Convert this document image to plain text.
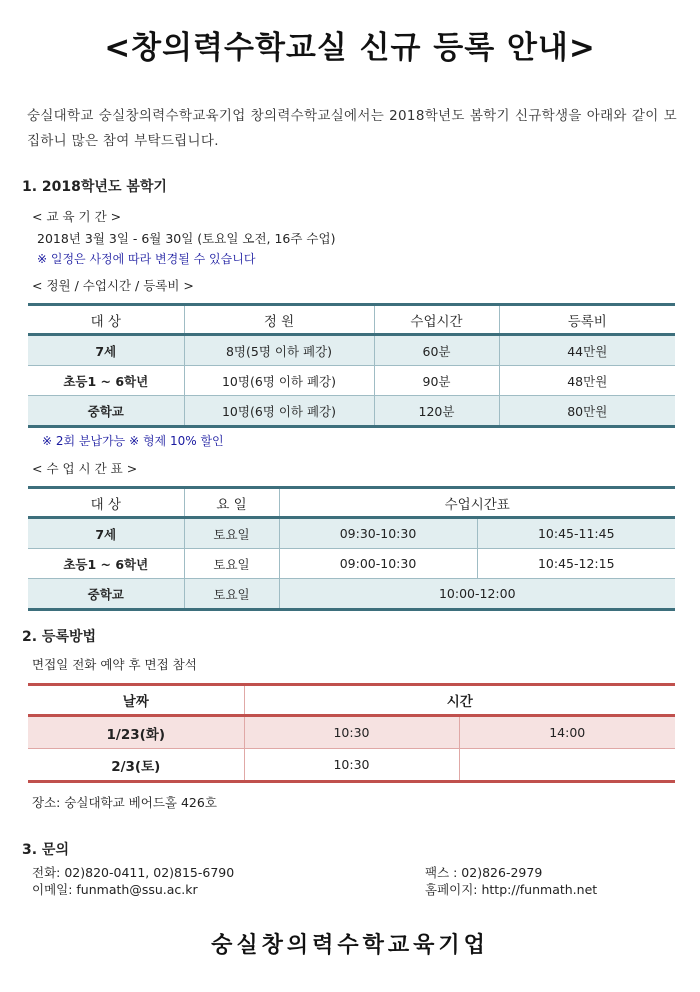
<창의력수학교실 신규 등록 안내>
숭실대학교 숭실창의력수학교육기업 창의력수학교실에서는 2018학년도 봄학기 신규학생을 아래와 같이 모집하니 많은 참여 부탁드립니다.
1. 2018학년도 봄학기
< 교 육 기 간 >
2018년 3월 3일 - 6월 30일 (토요일 오전, 16주 수업)
※ 일정은 사정에 따라 변경될 수 있습니다
< 정원 / 수업시간 / 등록비 >
대 상	정 원	수업시간	등록비
7세	8명(5명 이하 폐강)	60분	44만원
초등1 ~ 6학년	10명(6명 이하 폐강)	90분	48만원
중학교	10명(6명 이하 폐강)	120분	80만원
※ 2회 분납가능 ※ 형제 10% 할인
< 수 업 시 간 표 >
대 상	요 일	수업시간표	
7세	토요일	09:30-10:30	10:45-11:45
초등1 ~ 6학년	토요일	09:00-10:30	10:45-12:15
중학교	토요일	10:00-12:00	
2. 등록방법
면접일 전화 예약 후 면접 참석
날짜	시간	
1/23(화)	10:30	14:00
2/3(토)	10:30	
장소: 숭실대학교 베어드홀 426호
3. 문의
전화: 02)820-0411, 02)815-6790	팩스 : 02)826-2979
이메일: funmath@ssu.ac.kr	홈페이지: http://funmath.net
숭실창의력수학교육기업
